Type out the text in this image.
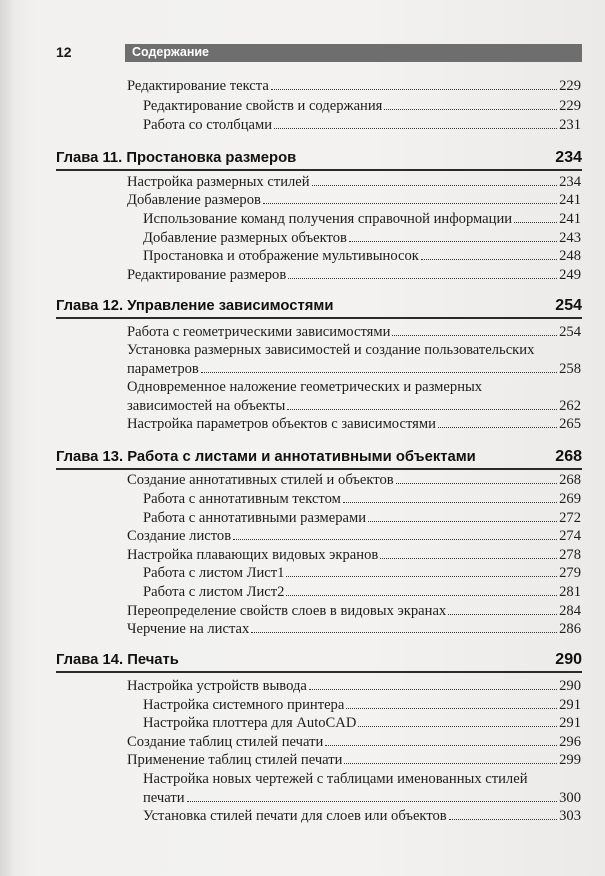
12	Содержание
Редактирование текста	229
Редактирование свойств и содержания	229
Работа со столбцами	231
Глава 11. Простановка размеров	234
Настройка размерных стилей	234
Добавление размеров	241
Использование команд получения справочной информации	241
Добавление размерных объектов	243
Простановка и отображение мультивыносок	248
Редактирование размеров	249
Глава 12. Управление зависимостями	254
Работа с геометрическими зависимостями	254
Установка размерных зависимостей и создание пользовательских
параметров	258
Одновременное наложение геометрических и размерных
зависимостей на объекты	262
Настройка параметров объектов с зависимостями	265
Глава 13. Работа с листами и аннотативными объектами	268
Создание аннотативных стилей и объектов	268
Работа с аннотативным текстом	269
Работа с аннотативными размерами	272
Создание листов	274
Настройка плавающих видовых экранов	278
Работа с листом Лист1	279
Работа с листом Лист2	281
Переопределение свойств слоев в видовых экранах	284
Черчение на листах	286
Глава 14. Печать	290
Настройка устройств вывода	290
Настройка системного принтера	291
Настройка плоттера для AutoCAD	291
Создание таблиц стилей печати	296
Применение таблиц стилей печати	299
Настройка новых чертежей с таблицами именованных стилей
печати	300
Установка стилей печати для слоев или объектов	303
